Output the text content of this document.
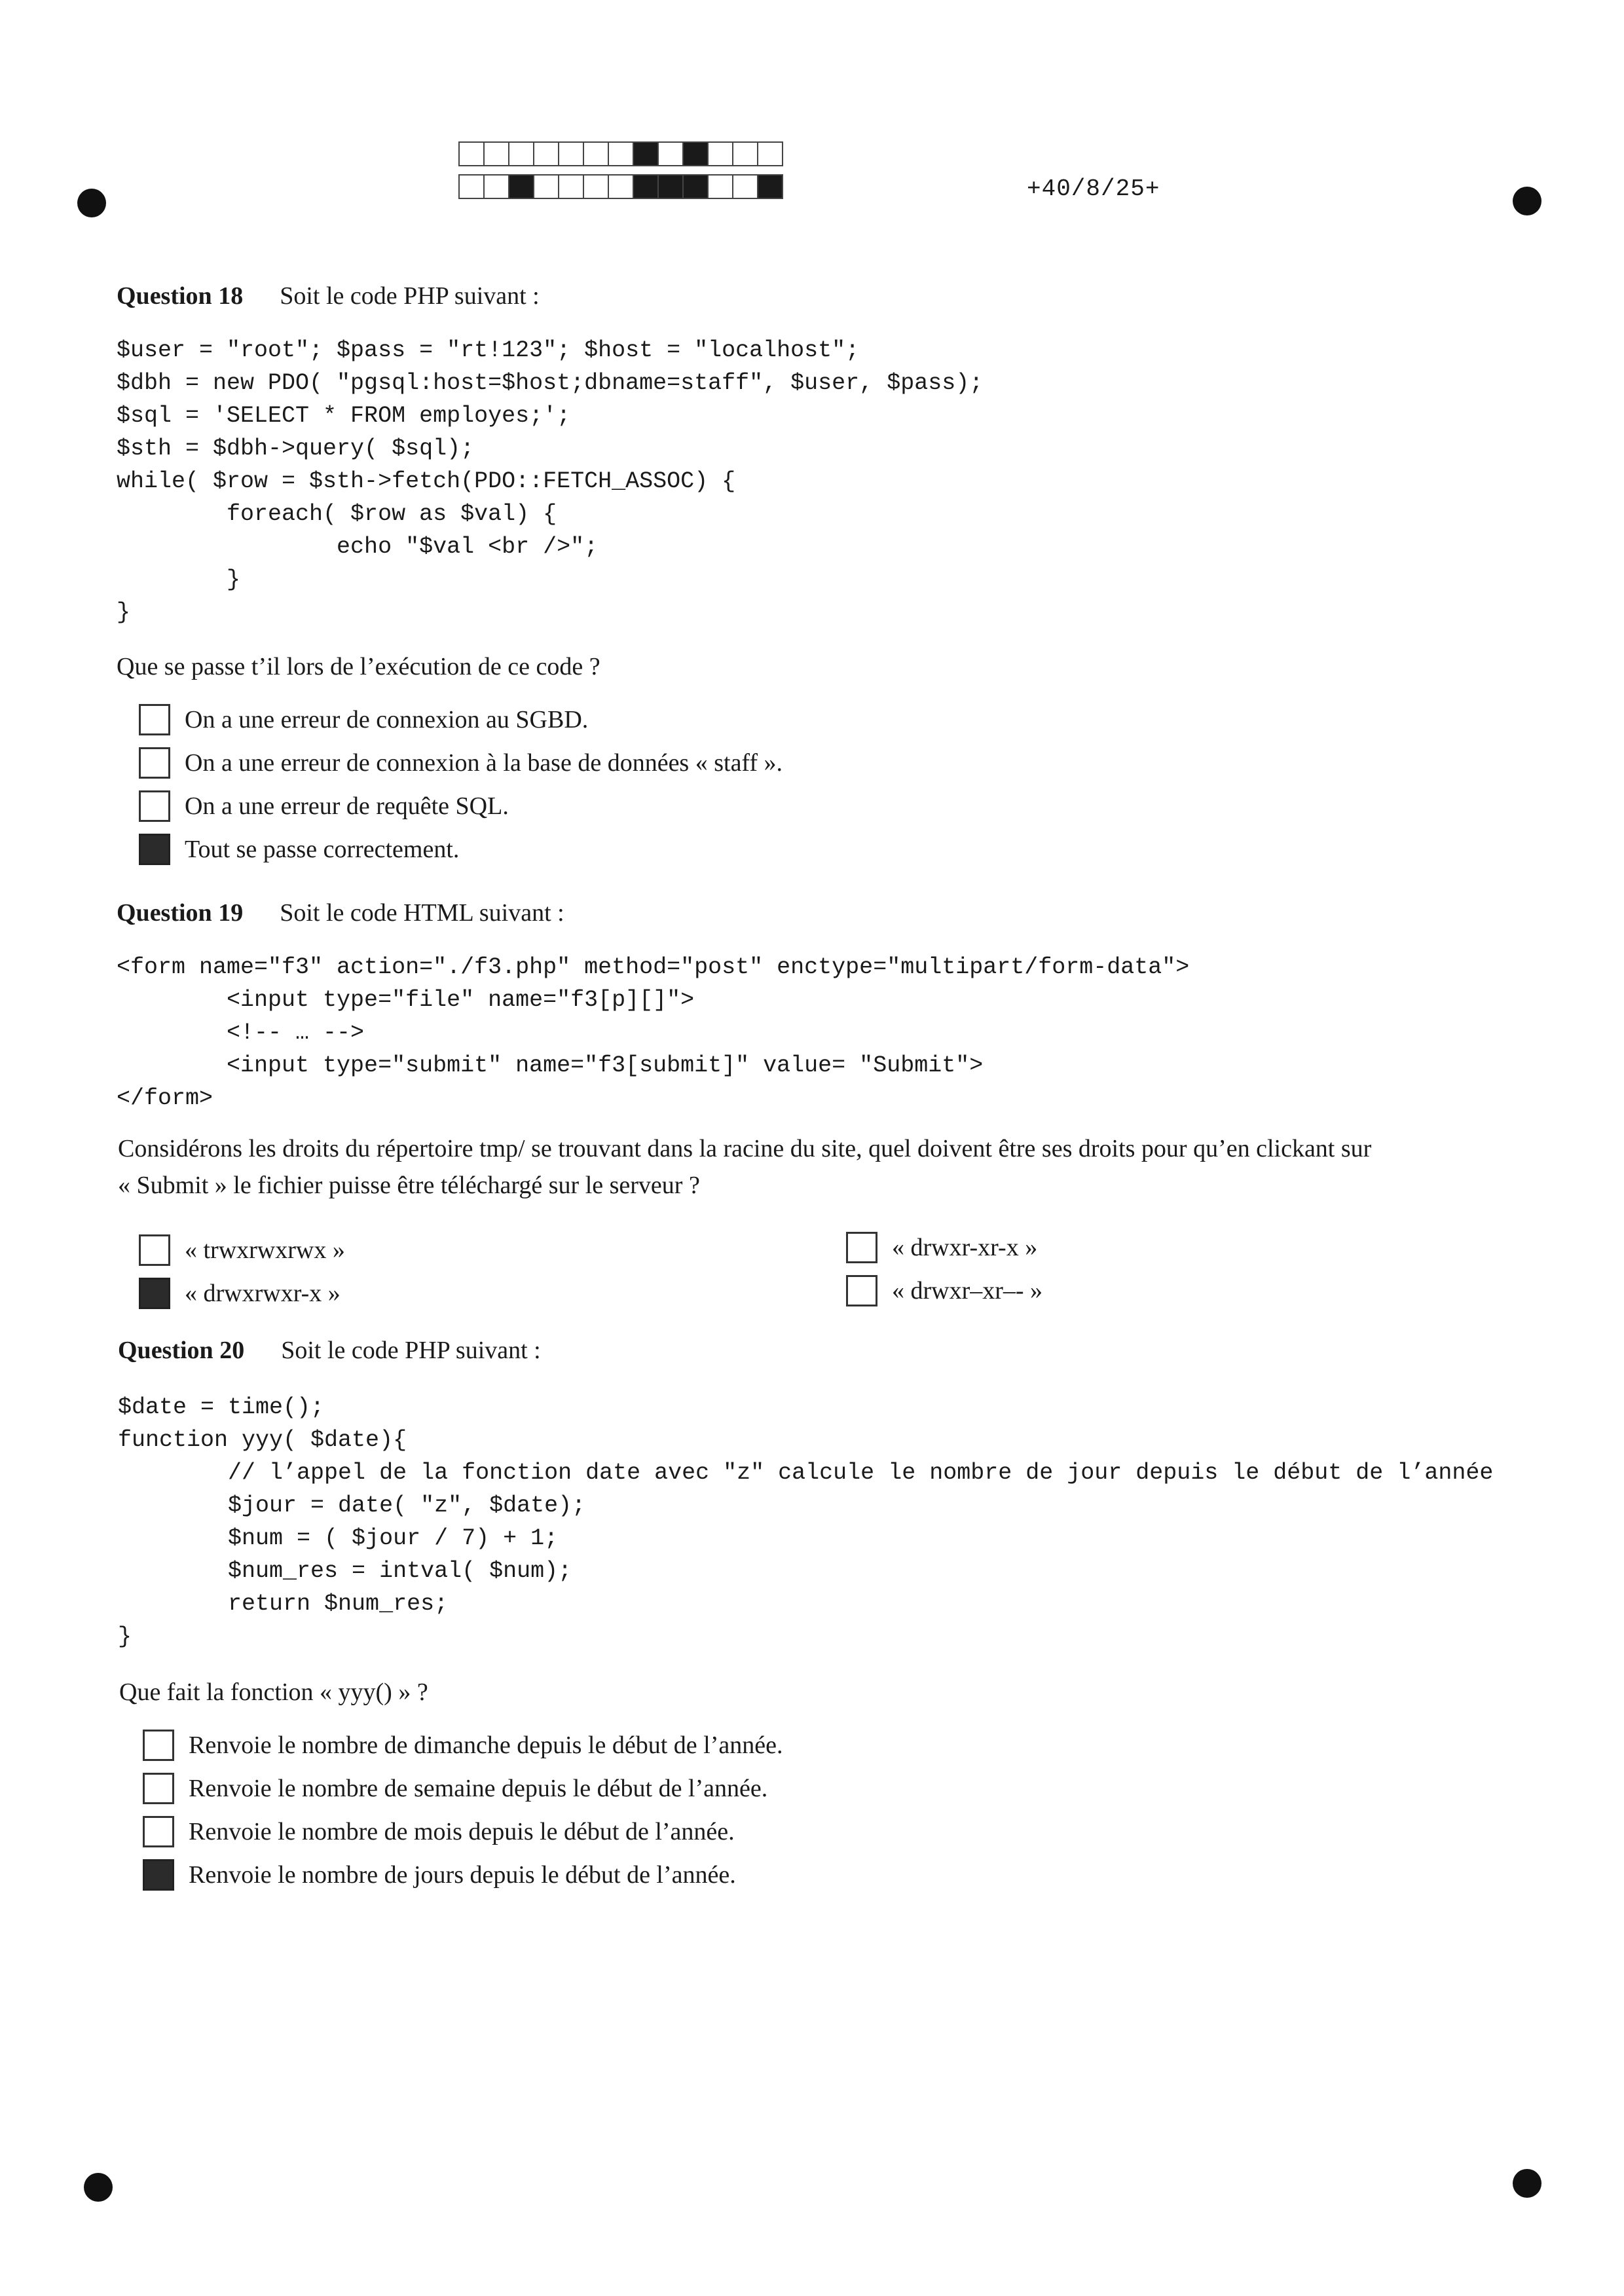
+40/8/25+
Question 18 Soit le code PHP suivant :
$user = "root"; $pass = "rt!123"; $host = "localhost";
$dbh = new PDO( "pgsql:host=$host;dbname=staff", $user, $pass);
$sql = 'SELECT * FROM employes;';
$sth = $dbh->query( $sql);
while( $row = $sth->fetch(PDO::FETCH_ASSOC) {
foreach( $row as $val) {
echo "$val <br />";
}
}
Que se passe t’il lors de l’exécution de ce code ?
On a une erreur de connexion au SGBD.
On a une erreur de connexion à la base de données « staff ».
On a une erreur de requête SQL.
Tout se passe correctement.
Question 19 Soit le code HTML suivant :
<form name="f3" action="./f3.php" method="post" enctype="multipart/form-data">
<input type="file" name="f3[p][]">
<!-- … -->
<input type="submit" name="f3[submit]" value= "Submit">
</form>
Considérons les droits du répertoire tmp/ se trouvant dans la racine du site, quel doivent être ses droits pour qu’en clickant sur
« Submit » le fichier puisse être téléchargé sur le serveur ?
« trwxrwxrwx »
« drwxrwxr-x »
« drwxr-xr-x »
« drwxr–xr–- »
Question 20 Soit le code PHP suivant :
$date = time();
function yyy( $date){
// l’appel de la fonction date avec "z" calcule le nombre de jour depuis le début de l’année
$jour = date( "z", $date);
$num = ( $jour / 7) + 1;
$num_res = intval( $num);
return $num_res;
}
Que fait la fonction « yyy() » ?
Renvoie le nombre de dimanche depuis le début de l’année.
Renvoie le nombre de semaine depuis le début de l’année.
Renvoie le nombre de mois depuis le début de l’année.
Renvoie le nombre de jours depuis le début de l’année.
